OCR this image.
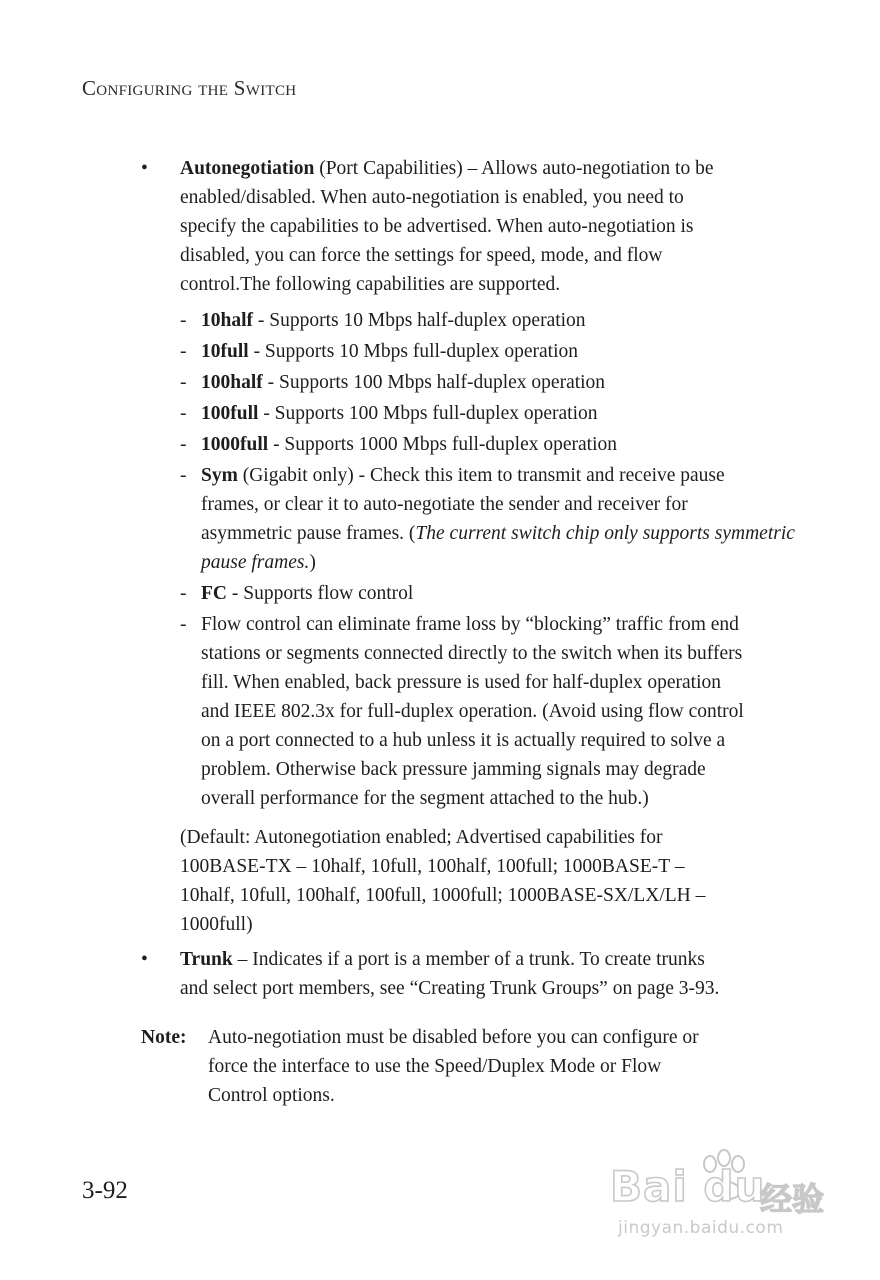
Configuring the Switch
• Autonegotiation (Port Capabilities) – Allows auto-negotiation to be
enabled/disabled. When auto-negotiation is enabled, you need to
specify the capabilities to be advertised. When auto-negotiation is
disabled, you can force the settings for speed, mode, and flow
control.The following capabilities are supported.
- 10half - Supports 10 Mbps half-duplex operation
- 10full - Supports 10 Mbps full-duplex operation
- 100half - Supports 100 Mbps half-duplex operation
- 100full - Supports 100 Mbps full-duplex operation
- 1000full - Supports 1000 Mbps full-duplex operation
- Sym (Gigabit only) - Check this item to transmit and receive pause
frames, or clear it to auto-negotiate the sender and receiver for
asymmetric pause frames. (The current switch chip only supports symmetric
pause frames.)
- FC - Supports flow control
- Flow control can eliminate frame loss by “blocking” traffic from end
stations or segments connected directly to the switch when its buffers
fill. When enabled, back pressure is used for half-duplex operation
and IEEE 802.3x for full-duplex operation. (Avoid using flow control
on a port connected to a hub unless it is actually required to solve a
problem. Otherwise back pressure jamming signals may degrade
overall performance for the segment attached to the hub.)
(Default: Autonegotiation enabled; Advertised capabilities for
100BASE-TX – 10half, 10full, 100half, 100full; 1000BASE-T –
10half, 10full, 100half, 100full, 1000full; 1000BASE-SX/LX/LH –
1000full)
• Trunk – Indicates if a port is a member of a trunk. To create trunks
and select port members, see “Creating Trunk Groups” on page 3-93.
Note: Auto-negotiation must be disabled before you can configure or
force the interface to use the Speed/Duplex Mode or Flow
Control options.
3-92	Bai du
经验
jingyan.baidu.com
